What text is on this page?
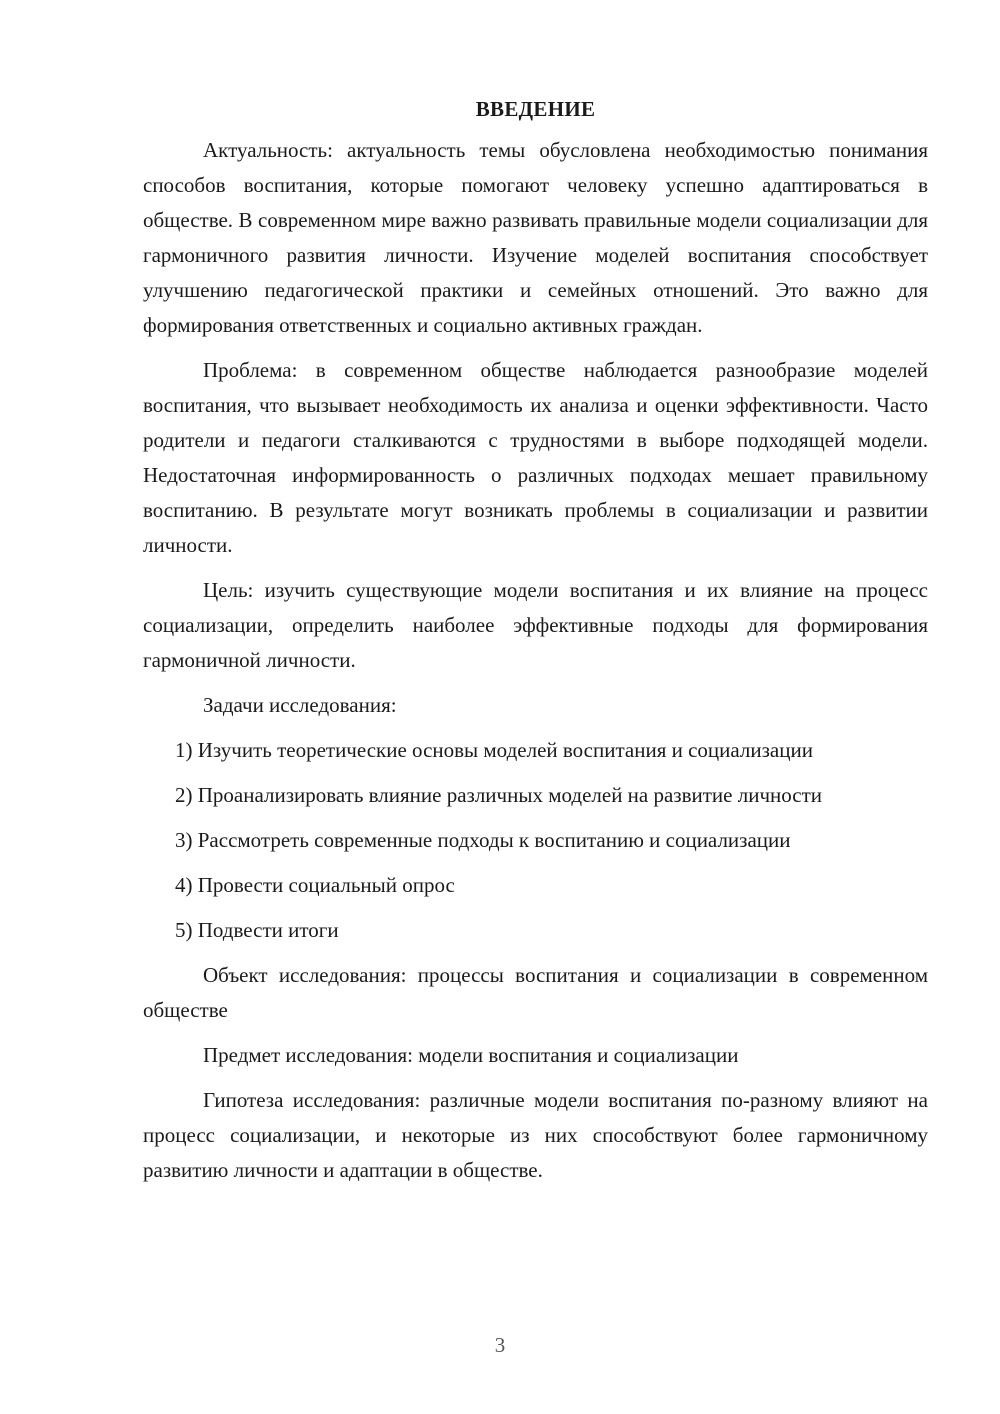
ВВЕДЕНИЕ

Актуальность: актуальность темы обусловлена необходимостью понимания способов воспитания, которые помогают человеку успешно адаптироваться в обществе. В современном мире важно развивать правильные модели социализации для гармоничного развития личности. Изучение моделей воспитания способствует улучшению педагогической практики и семейных отношений. Это важно для формирования ответственных и социально активных граждан.

Проблема: в современном обществе наблюдается разнообразие моделей воспитания, что вызывает необходимость их анализа и оценки эффективности. Часто родители и педагоги сталкиваются с трудностями в выборе подходящей модели. Недостаточная информированность о различных подходах мешает правильному воспитанию. В результате могут возникать проблемы в социализации и развитии личности.

Цель: изучить существующие модели воспитания и их влияние на процесс социализации, определить наиболее эффективные подходы для формирования гармоничной личности.

Задачи исследования:

1) Изучить теоретические основы моделей воспитания и социализации

2) Проанализировать влияние различных моделей на развитие личности

3) Рассмотреть современные подходы к воспитанию и социализации

4) Провести социальный опрос

5) Подвести итоги

Объект исследования: процессы воспитания и социализации в современном обществе

Предмет исследования: модели воспитания и социализации

Гипотеза исследования: различные модели воспитания по-разному влияют на процесс социализации, и некоторые из них способствуют более гармоничному развитию личности и адаптации в обществе.

3
